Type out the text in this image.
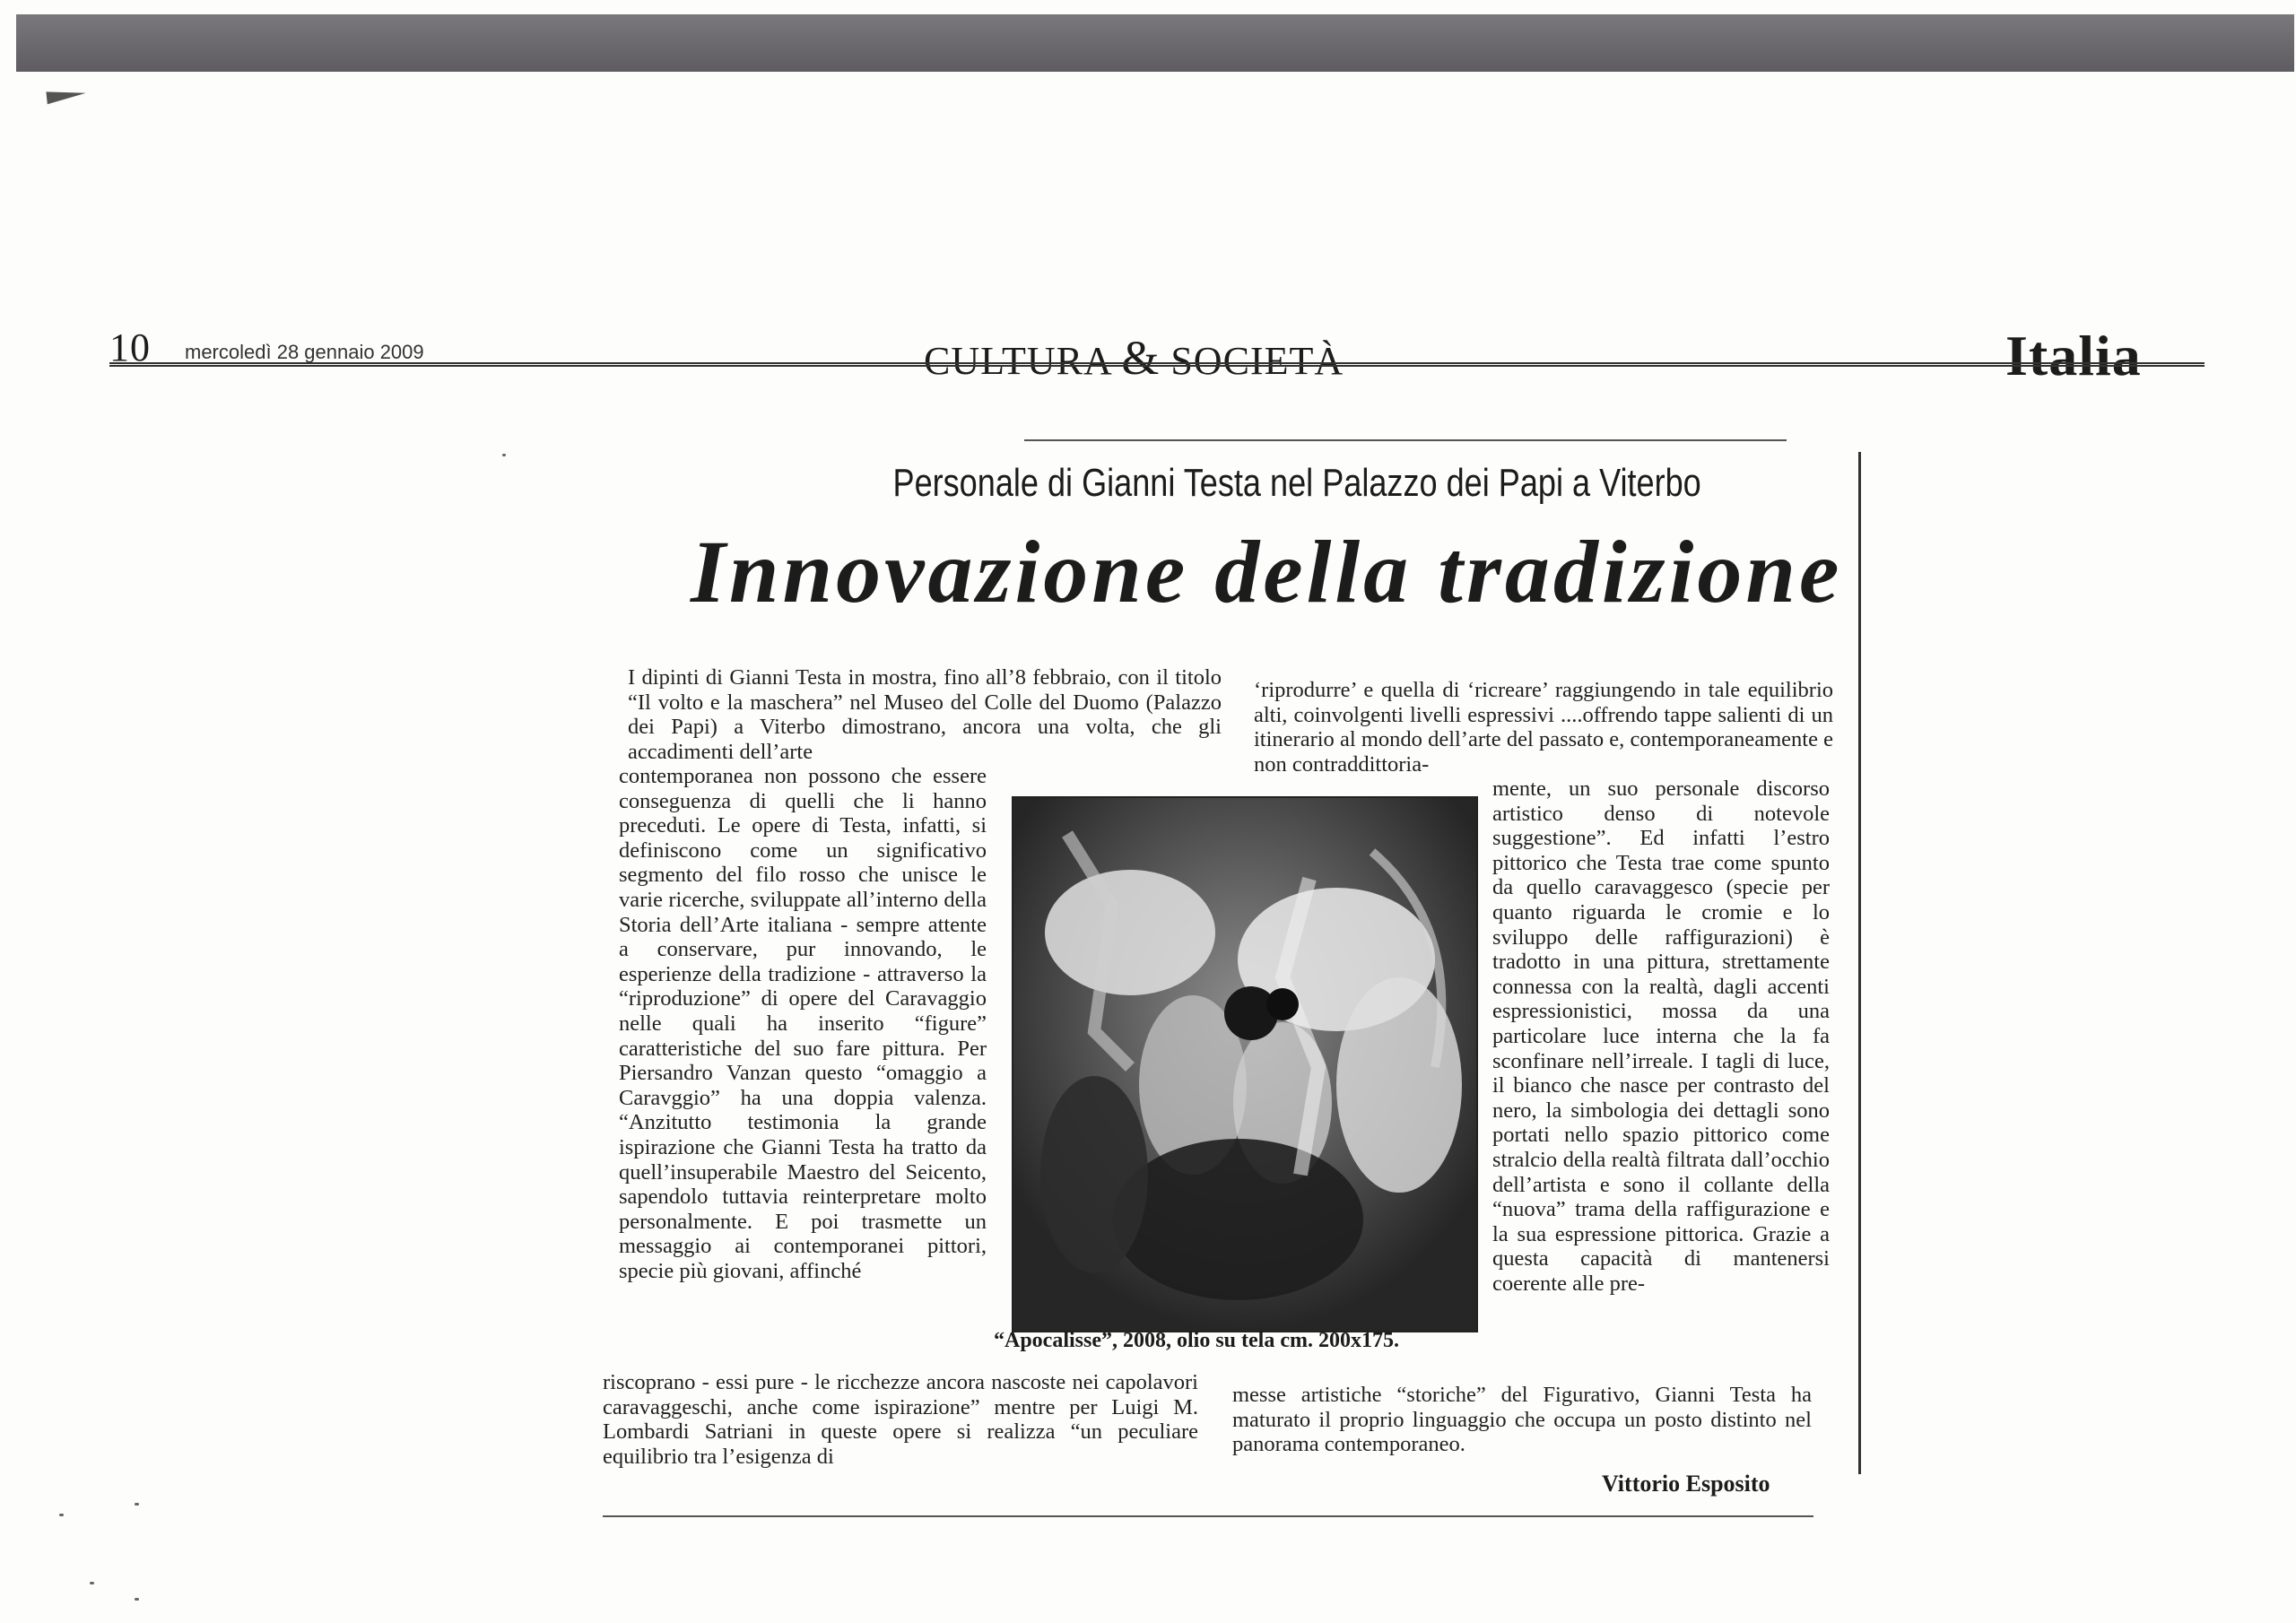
10 mercoledì 28 gennaio 2009	CULTURA & SOCIETÀ	Italia
Personale di Gianni Testa nel Palazzo dei Papi a Viterbo
Innovazione della tradizione

I dipinti di Gianni Testa in mostra, fino all’8 febbraio, con il titolo “Il volto e la maschera” nel Museo del Colle del Duomo (Palazzo dei Papi) a Viterbo dimostrano, ancora una volta, che gli accadimenti dell’arte

contemporanea non possono che essere conseguenza di quelli che li hanno preceduti. Le opere di Testa, infatti, si definiscono come un significativo segmento del filo rosso che unisce le varie ricerche, sviluppate all’interno della Storia dell’Arte italiana - sempre attente a conservare, pur innovando, le esperienze della tradizione - attraverso la “riproduzione” di opere del Caravaggio nelle quali ha inserito “figure” caratteristiche del suo fare pittura. Per Piersandro Vanzan questo “omaggio a Caravggio” ha una doppia valenza. “Anzitutto testimonia la grande ispirazione che Gianni Testa ha tratto da quell’insuperabile Maestro del Seicento, sapendolo tuttavia reinterpretare molto personalmente. E poi trasmette un messaggio ai contemporanei pittori, specie più giovani, affinché

riscoprano - essi pure - le ricchezze ancora nascoste nei capolavori caravaggeschi, anche come ispirazione” mentre per Luigi M. Lombardi Satriani in queste opere si realizza “un peculiare equilibrio tra l’esigenza di

‘riprodurre’ e quella di ‘ricreare’ raggiungendo in tale equilibrio alti, coinvolgenti livelli espressivi ....offrendo tappe salienti di un itinerario al mondo dell’arte del passato e, contemporaneamente e non contraddittoria-

mente, un suo personale discorso artistico denso di notevole suggestione”. Ed infatti l’estro pittorico che Testa trae come spunto da quello caravaggesco (specie per quanto riguarda le cromie e lo sviluppo delle raffigurazioni) è tradotto in una pittura, strettamente connessa con la realtà, dagli accenti espressionistici, mossa da una particolare luce interna che la fa sconfinare nell’irreale. I tagli di luce, il bianco che nasce per contrasto del nero, la simbologia dei dettagli sono portati nello spazio pittorico come stralcio della realtà filtrata dall’occhio dell’artista e sono il collante della “nuova” trama della raffigurazione e la sua espressione pittorica. Grazie a questa capacità di mantenersi coerente alle pre-

messe artistiche “storiche” del Figurativo, Gianni Testa ha maturato il proprio linguaggio che occupa un posto distinto nel panorama contemporaneo.

“Apocalisse”, 2008, olio su tela cm. 200x175.
Vittorio Esposito
